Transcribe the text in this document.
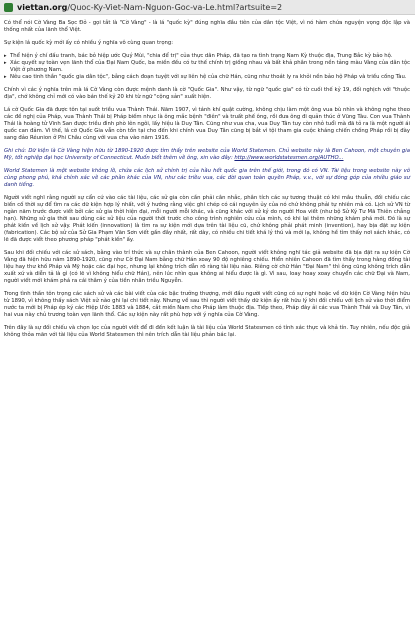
viettan.org/Quoc-Ky-Viet-Nam-Nguon-Goc-va-Le.html?artsuite=2

Có thể nói Cờ Vàng Ba Sọc Đỏ - gọi tắt là "Cờ Vàng" - là lá "quốc kỳ" đúng nghĩa đầu tiên của dân tộc Việt, vì nó hàm chứa nguyện vọng độc lập và thống nhất của lãnh thổ Việt.

Sự kiện lá quốc kỳ mới ấy có nhiều ý nghĩa vô cùng quan trọng:

▸ Thể hiện ý chí đấu tranh, bác bỏ hiệp ước Quý Mùi, "chia để trị" của thực dân Pháp, đã tạo ra tình trạng Nam Kỳ thuộc địa, Trung Bắc kỳ bảo hộ.
▸ Xác quyết sự toàn vẹn lãnh thổ của Đại Nam Quốc, ba miền đều có tư thế chính trị giống nhau và bất khả phân trong nền tảng màu Vàng của dân tộc Việt ở phương Nam.
▸ Nêu cao tinh thần "quốc gia dân tộc", bằng cách đoạn tuyệt với sự liên hệ của chữ Hán, cũng như thoát ly ra khỏi nền bảo hộ Pháp và triều cống Tàu.

Chính vì các ý nghĩa trên mà lá Cờ Vàng còn được mệnh danh là cờ "Quốc Gia". Như vậy, từ ngữ "quốc gia" có từ cuối thế kỷ 19, đối nghịch với "thuộc địa", chớ không chỉ mới có vào bán thế kỷ 20 khi từ ngữ "cộng sản" xuất hiện.

Lá cờ Quốc Gia đã được tôn tại suốt triều vua Thành Thái. Năm 1907, vì tánh khí quật cường, không chịu làm một ông vua bù nhìn và không nghe theo các đề nghị của Pháp, vua Thành Thái bị Pháp biếm nhục là ông mắc bệnh "điên" và truất phế ông, rồi đưa ông đi quản thúc ở Vũng Tàu. Con vua Thành Thái là hoàng tử Vĩnh San được triều đình phò lên ngôi, lấy hiệu là Duy Tân. Cũng như vua cha, vua Duy Tân tuy còn nhỏ tuổi mà đã tỏ ra là một người ái quốc can đảm. Vì thế, lá cờ Quốc Gia vẫn còn tồn tại cho đến khi chính vua Duy Tân cũng bị bắt vì tội tham gia cuộc kháng chiến chống Pháp rồi bị đày sang đảo Réunion ở Phi Châu cùng với vua cha vào năm 1916.

Ghi chú: Dữ kiện là Cờ Vàng hiện hữu từ 1890-1920 được tìm thấy trên website của World Statemen. Chủ website này là Ben Cahoon, một chuyên gia Mỹ, tốt nghiệp đại học University of Connecticut. Muốn biết thêm về ông, xin vào đây: http://www.worldstatesmen.org/AUTHO...

World Statemen là một website không lồ, chứa các lịch sử chính trị của hầu hết quốc gia trên thế giới, trong đó có VN. Tài liệu trong website này vô cùng phong phú, khá chính xác về các phần khác của VN, như các triều vua, các đời quan toàn quyền Pháp, v.v., với sự đóng góp của nhiều giáo sư danh tiếng.

Người viết nghĩ rằng người sự cẩn cứ vào các tài liệu, các sử gia còn cần phải cân nhắc, phân tích các sự tương thuật có khi mâu thuẫn, đối chiếu các biến cố thời sự để tìm ra các dữ kiện hợp lý nhất, với ý hướng rằng việc ghi chép có cái nguyên ủy của nó chứ không phải tự nhiên mà có. Lịch sử VN từ ngàn năm trước được viết bởi các sử gia thời hiện đại, mỗi người mỗi khác, và cũng khác với sử ký do người Hoa viết (như bộ Sử Ký Tư Mã Thiên chẳng hạn). Những sử gia thời sau dùng các sử liệu của người thời trước cho công trình nghiên cứu của mình, có khi lại thêm những khám phá mới. Đó là sự phát kiến về lịch sử vậy. Phát kiến (innovation) là tìm ra sự kiện mới dựa trên tài liệu cũ, chứ không phải phát minh (invention), hay bịa đặt sự kiện (fabrication). Các bộ sử của Sử Gia Phạm Văn Sơn viết gần đây nhất, rất dày, có nhiều chi tiết khá lý thú và mới lạ, không hề tìm thấy nơi sách khác, có lẽ đã được viết theo phương pháp "phát kiến" ấy.

Sau khi đối chiếu với các sử sách, bằng vào trí thức và sự chân thành của Ben Cahoon, người viết không nghĩ tác giả website đã bịa đặt ra sự kiện Cờ Vàng đã hiện hữu năm 1890-1920, cũng như Cờ Đại Nam bằng chữ Hán xoay 90 độ nghiêng chiếu. Hiển nhiên Cahoon đã tìm thấy trong hàng đống tài liệu hay thư khố Pháp và Mỹ hoặc các đại học, nhưng lại không trích dẫn rõ ràng tài liệu nào. Riêng cờ chữ Hán "Đại Nam" thì ông cũng không trích dẫn xuất xứ và diễn tả là gì (có lẽ vì không hiểu chữ Hán), nên lúc nhìn qua không ai hiểu được là gì. Vì sau, loay hoay xoay chuyển các chữ Đại và Nam, người viết mới khám phá ra cái thâm ý của tiền nhân triều Nguyễn.

Trong tình thần tôn trọng các sách sử và các bài viết của các bậc trưởng thượng, mới đầu người viết cũng có sự nghi hoặc về dữ kiện Cờ Vàng hiện hữu từ 1890, vì không thấy sách Việt sử nào ghi lại chi tiết này. Nhưng về sau thì người viết thấy dữ kiện ấy rất hữu lý khi đối chiếu với lịch sử vào thời điểm nước ta mới bị Pháp ép ký các Hiệp Ước 1883 và 1884, cắt miền Nam cho Pháp làm thuộc địa. Tiếp theo, Pháp đày ải các vua Thành Thái và Duy Tân, vì hai vua này chủ trương toàn vẹn lãnh thổ. Các sự kiện này rất phù hợp với ý nghĩa của Cờ Vàng.

Trên đây là sự đối chiếu và chọn lọc của người viết để đi đến kết luận là tài liệu của World Statesmen có tính xác thực và khả tín. Tuy nhiên, nếu độc giả không thỏa mãn với tài liệu của World Statesmen thì nên trích dẫn tài liệu phản bác lại.
